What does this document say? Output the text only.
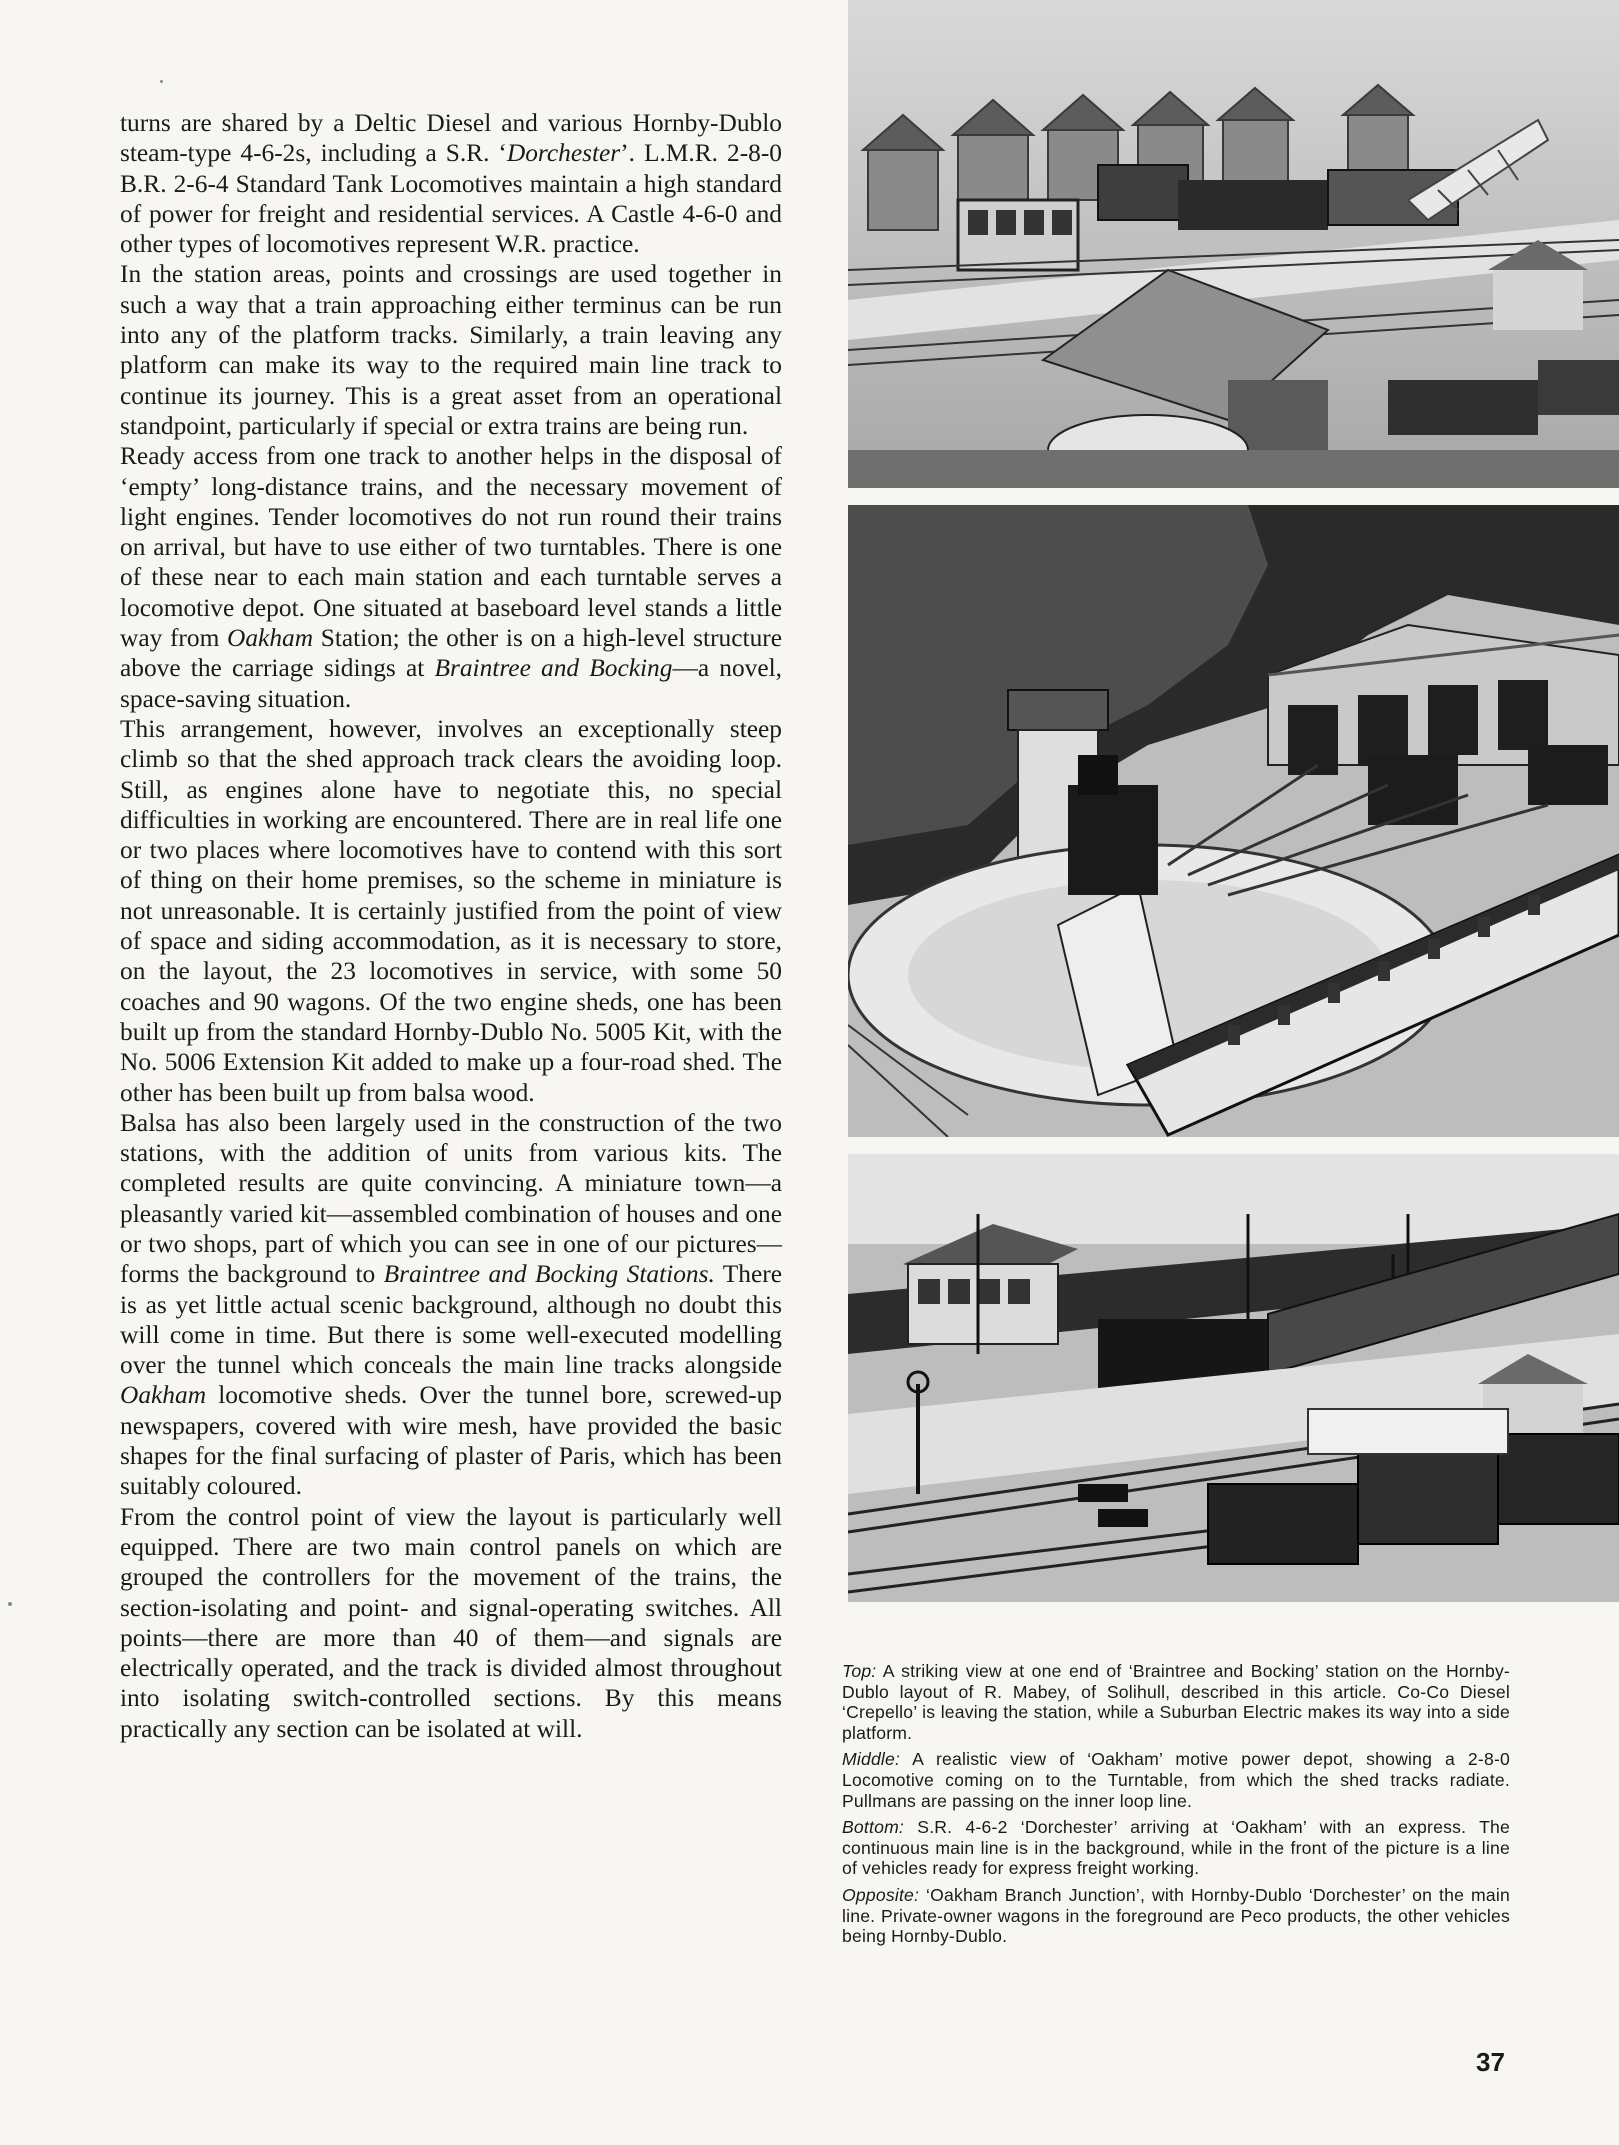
turns are shared by a Deltic Diesel and various Hornby-Dublo steam-type 4-6-2s, including a S.R. ‘Dorchester’. L.M.R. 2-8-0 B.R. 2-6-4 Standard Tank Locomotives maintain a high standard of power for freight and residential services. A Castle 4-6-0 and other types of locomotives represent W.R. practice.

In the station areas, points and crossings are used together in such a way that a train approaching either terminus can be run into any of the platform tracks. Similarly, a train leaving any platform can make its way to the required main line track to continue its journey. This is a great asset from an operational standpoint, particularly if special or extra trains are being run.

Ready access from one track to another helps in the disposal of ‘empty’ long-distance trains, and the necessary movement of light engines. Tender locomotives do not run round their trains on arrival, but have to use either of two turntables. There is one of these near to each main station and each turntable serves a locomotive depot. One situated at baseboard level stands a little way from Oakham Station; the other is on a high-level structure above the carriage sidings at Braintree and Bocking—a novel, space-saving situation.

This arrangement, however, involves an exceptionally steep climb so that the shed approach track clears the avoiding loop. Still, as engines alone have to negotiate this, no special difficulties in working are encountered. There are in real life one or two places where locomotives have to contend with this sort of thing on their home premises, so the scheme in miniature is not unreasonable. It is certainly justified from the point of view of space and siding accommodation, as it is necessary to store, on the layout, the 23 locomotives in service, with some 50 coaches and 90 wagons. Of the two engine sheds, one has been built up from the standard Hornby-Dublo No. 5005 Kit, with the No. 5006 Extension Kit added to make up a four-road shed. The other has been built up from balsa wood.

Balsa has also been largely used in the construction of the two stations, with the addition of units from various kits. The completed results are quite convincing. A miniature town—a pleasantly varied kit—assembled combination of houses and one or two shops, part of which you can see in one of our pictures—forms the background to Braintree and Bocking Stations. There is as yet little actual scenic background, although no doubt this will come in time. But there is some well-executed modelling over the tunnel which conceals the main line tracks alongside Oakham locomotive sheds. Over the tunnel bore, screwed-up newspapers, covered with wire mesh, have provided the basic shapes for the final surfacing of plaster of Paris, which has been suitably coloured.

From the control point of view the layout is particularly well equipped. There are two main control panels on which are grouped the controllers for the movement of the trains, the section-isolating and point- and signal-operating switches. All points—there are more than 40 of them—and signals are electrically operated, and the track is divided almost throughout into isolating switch-controlled sections. By this means practically any section can be isolated at will.

Top: A striking view at one end of ‘Braintree and Bocking’ station on the Hornby-Dublo layout of R. Mabey, of Solihull, described in this article. Co-Co Diesel ‘Crepello’ is leaving the station, while a Suburban Electric makes its way into a side platform.

Middle: A realistic view of ‘Oakham’ motive power depot, showing a 2-8-0 Locomotive coming on to the Turntable, from which the shed tracks radiate. Pullmans are passing on the inner loop line.

Bottom: S.R. 4-6-2 ‘Dorchester’ arriving at ‘Oakham’ with an express. The continuous main line is in the background, while in the front of the picture is a line of vehicles ready for express freight working.

Opposite: ‘Oakham Branch Junction’, with Hornby-Dublo ‘Dorchester’ on the main line. Private-owner wagons in the foreground are Peco products, the other vehicles being Hornby-Dublo.

37
